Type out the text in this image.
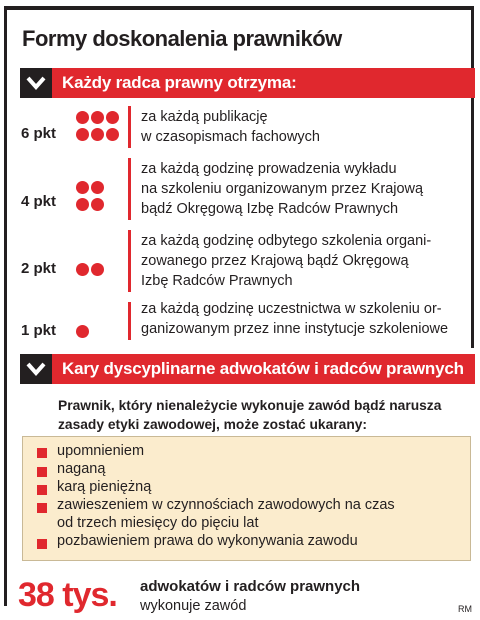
Formy doskonalenia prawników
Każdy radca prawny otrzyma:
6 pkt
za każdą publikację
w czasopismach fachowych
4 pkt
za każdą godzinę prowadzenia wykładu
na szkoleniu organizowanym przez Krajową
bądź Okręgową Izbę Radców Prawnych
2 pkt
za każdą godzinę odbytego szkolenia organi-
zowanego przez Krajową bądź Okręgową
Izbę Radców Prawnych
1 pkt
za każdą godzinę uczestnictwa w szkoleniu or-
ganizowanym przez inne instytucje szkoleniowe
Kary dyscyplinarne adwokatów i radców prawnych
Prawnik, który nienależycie wykonuje zawód bądź narusza
zasady etyki zawodowej, może zostać ukarany:
upomnieniem
naganą
karą pieniężną
zawieszeniem w czynnościach zawodowych na czas
od trzech miesięcy do pięciu lat
pozbawieniem prawa do wykonywania zawodu
38 tys. adwokatów i radców prawnych
wykonuje zawód	RM
